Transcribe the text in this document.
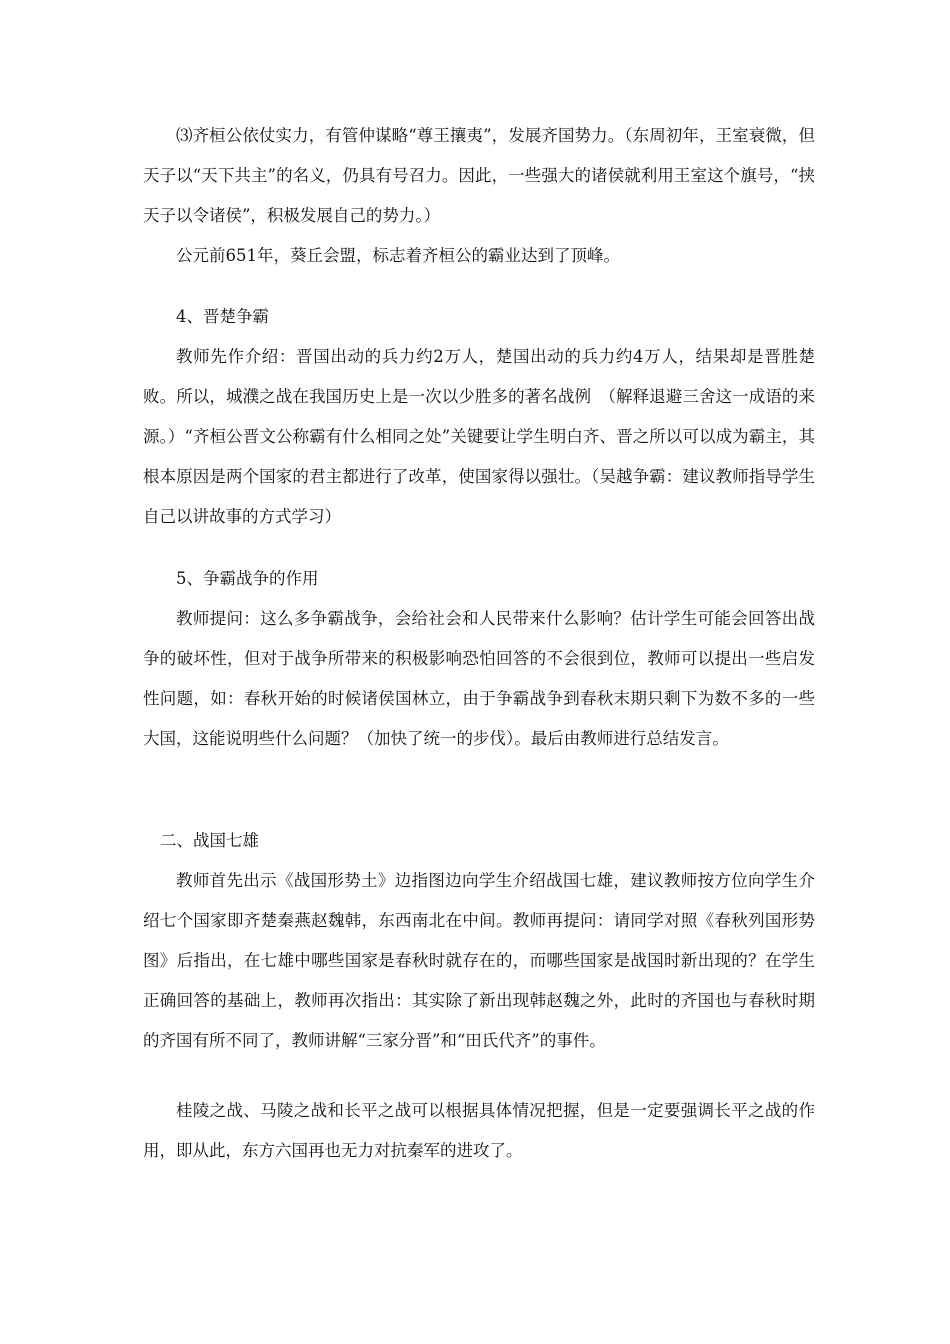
⑶齐桓公依仗实力，有管仲谋略“尊王攘夷”，发展齐国势力。（东周初年，王室衰微，但天子以“天下共主”的名义，仍具有号召力。因此，一些强大的诸侯就利用王室这个旗号，“挟天子以令诸侯”，积极发展自己的势力。）

公元前651年，葵丘会盟，标志着齐桓公的霸业达到了顶峰。

4、晋楚争霸

教师先作介绍：晋国出动的兵力约2万人，楚国出动的兵力约4万人，结果却是晋胜楚败。所以，城濮之战在我国历史上是一次以少胜多的著名战例　（解释退避三舍这一成语的来源。）“齐桓公晋文公称霸有什么相同之处”关键要让学生明白齐、晋之所以可以成为霸主，其根本原因是两个国家的君主都进行了改革，使国家得以强壮。（吴越争霸：建议教师指导学生自己以讲故事的方式学习）

5、争霸战争的作用

教师提问：这么多争霸战争，会给社会和人民带来什么影响？估计学生可能会回答出战争的破坏性，但对于战争所带来的积极影响恐怕回答的不会很到位，教师可以提出一些启发性问题，如：春秋开始的时候诸侯国林立，由于争霸战争到春秋末期只剩下为数不多的一些大国，这能说明些什么问题？（加快了统一的步伐）。最后由教师进行总结发言。

二、战国七雄

教师首先出示《战国形势土》边指图边向学生介绍战国七雄，建议教师按方位向学生介绍七个国家即齐楚秦燕赵魏韩，东西南北在中间。教师再提问：请同学对照《春秋列国形势图》后指出，在七雄中哪些国家是春秋时就存在的，而哪些国家是战国时新出现的？在学生正确回答的基础上，教师再次指出：其实除了新出现韩赵魏之外，此时的齐国也与春秋时期的齐国有所不同了，教师讲解“三家分晋”和“田氏代齐”的事件。

桂陵之战、马陵之战和长平之战可以根据具体情况把握，但是一定要强调长平之战的作用，即从此，东方六国再也无力对抗秦军的进攻了。
